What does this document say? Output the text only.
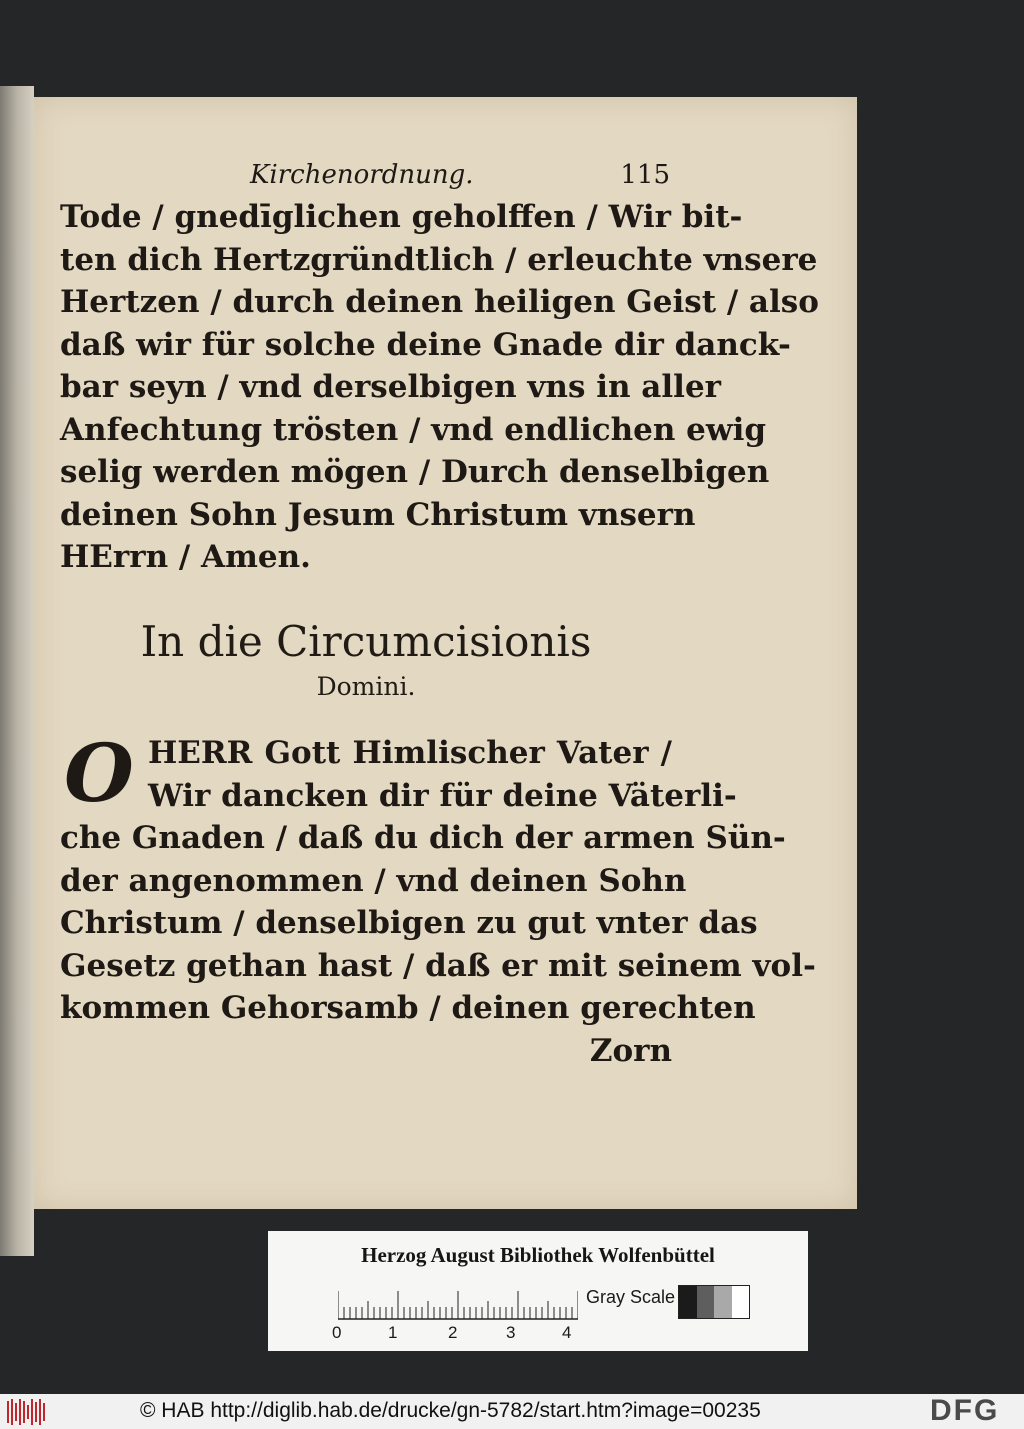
Kirchenordnung.	115
Tode / gnedīglichen geholffen / Wir bit-
ten dich Hertzgründtlich / erleuchte vnsere
Hertzen / durch deinen heiligen Geist / also
daß wir für solche deine Gnade dir danck-
bar seyn / vnd derselbigen vns in aller
Anfechtung trösten / vnd endlichen ewig
selig werden mögen / Durch denselbigen
deinen Sohn Jesum Christum vnsern
HErrn / Amen.

In die Circumcisionis

Domini.

O HERR Gott Himlischer Vater /
Wir dancken dir für deine Väterli-
che Gnaden / daß du dich der armen Sün-
der angenommen / vnd deinen Sohn
Christum / denselbigen zu gut vnter das
Gesetz gethan hast / daß er mit seinem vol-
kommen Gehorsamb / deinen gerechten
Zorn
Herzog August Bibliothek Wolfenbüttel
0	1	2	3	4
Gray Scale
© HAB http://diglib.hab.de/drucke/gn-5782/start.htm?image=00235	DFG
